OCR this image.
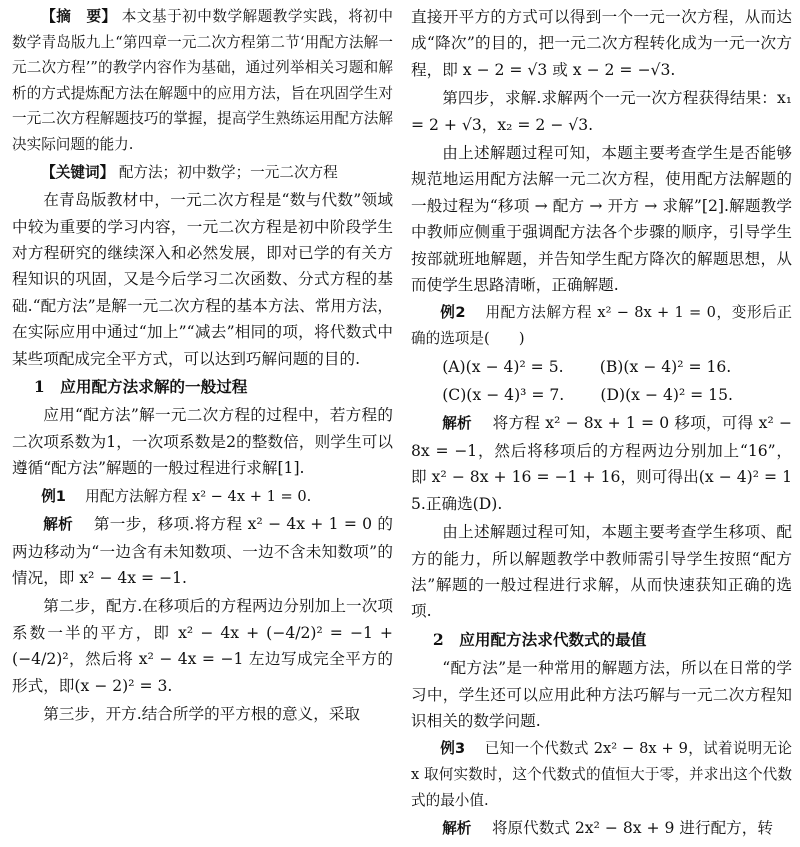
【摘　要】 本文基于初中数学解题教学实践，将初中数学青岛版九上“第四章一元二次方程第二节‘用配方法解一元二次方程’”的教学内容作为基础，通过列举相关习题和解析的方式提炼配方法在解题中的应用方法，旨在巩固学生对一元二次方程解题技巧的掌握，提高学生熟练运用配方法解决实际问题的能力.

【关键词】 配方法；初中数学；一元二次方程

在青岛版教材中，一元二次方程是“数与代数”领域中较为重要的学习内容，一元二次方程是初中阶段学生对方程研究的继续深入和必然发展，即对已学的有关方程知识的巩固，又是今后学习二次函数、分式方程的基础.“配方法”是解一元二次方程的基本方法、常用方法，在实际应用中通过“加上”“减去”相同的项，将代数式中某些项配成完全平方式，可以达到巧解问题的目的.

1　应用配方法求解的一般过程

应用“配方法”解一元二次方程的过程中，若方程的二次项系数为1，一次项系数是2的整数倍，则学生可以遵循“配方法”解题的一般过程进行求解[1].

例1 用配方法解方程 x² − 4x + 1 = 0.

解析 第一步，移项.将方程 x² − 4x + 1 = 0 的两边移动为“一边含有未知数项、一边不含未知数项”的情况，即 x² − 4x = −1.

第二步，配方.在移项后的方程两边分别加上一次项系数一半的平方，即 x² − 4x + (−4/2)² = −1 + (−4/2)²，然后将 x² − 4x = −1 左边写成完全平方的形式，即(x − 2)² = 3.

第三步，开方.结合所学的平方根的意义，采取

直接开平方的方式可以得到一个一元一次方程，从而达成“降次”的目的，把一元二次方程转化成为一元一次方程，即 x − 2 = √3 或 x − 2 = −√3.

第四步，求解.求解两个一元一次方程获得结果：x₁ = 2 + √3，x₂ = 2 − √3.

由上述解题过程可知，本题主要考查学生是否能够规范地运用配方法解一元二次方程，使用配方法解题的一般过程为“移项 → 配方 → 开方 → 求解”[2].解题教学中教师应侧重于强调配方法各个步骤的顺序，引导学生按部就班地解题，并告知学生配方降次的解题思想，从而使学生思路清晰，正确解题.

例2 用配方法解方程 x² − 8x + 1 = 0，变形后正确的选项是(　　)

(A)(x − 4)² = 5. (B)(x − 4)² = 16.

(C)(x − 4)³ = 7. (D)(x − 4)² = 15.

解析 将方程 x² − 8x + 1 = 0 移项，可得 x² − 8x = −1，然后将移项后的方程两边分别加上“16”，即 x² − 8x + 16 = −1 + 16，则可得出(x − 4)² = 15.正确选(D).

由上述解题过程可知，本题主要考查学生移项、配方的能力，所以解题教学中教师需引导学生按照“配方法”解题的一般过程进行求解，从而快速获知正确的选项.

2　应用配方法求代数式的最值

“配方法”是一种常用的解题方法，所以在日常的学习中，学生还可以应用此种方法巧解与一元二次方程知识相关的数学问题.

例3 已知一个代数式 2x² − 8x + 9，试着说明无论 x 取何实数时，这个代数式的值恒大于零，并求出这个代数式的最小值.

解析 将原代数式 2x² − 8x + 9 进行配方，转
